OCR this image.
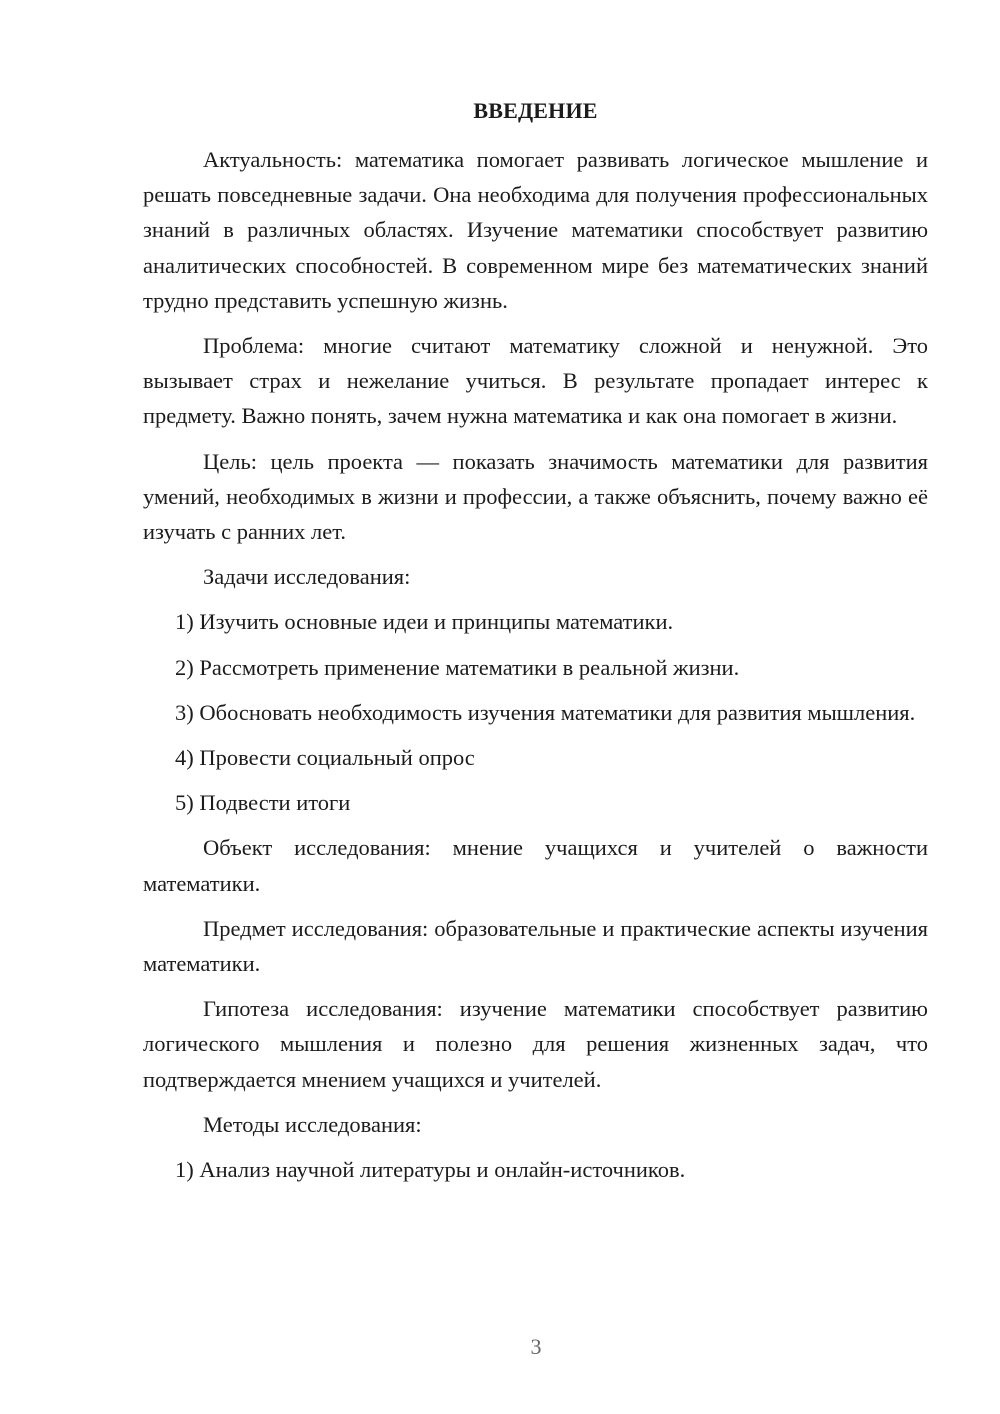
ВВЕДЕНИЕ

Актуальность: математика помогает развивать логическое мышление и решать повседневные задачи. Она необходима для получения профессиональных знаний в различных областях. Изучение математики способствует развитию аналитических способностей. В современном мире без математических знаний трудно представить успешную жизнь.

Проблема: многие считают математику сложной и ненужной. Это вызывает страх и нежелание учиться. В результате пропадает интерес к предмету. Важно понять, зачем нужна математика и как она помогает в жизни.

Цель: цель проекта — показать значимость математики для развития умений, необходимых в жизни и профессии, а также объяснить, почему важно её изучать с ранних лет.

Задачи исследования:

1) Изучить основные идеи и принципы математики.

2) Рассмотреть применение математики в реальной жизни.

3) Обосновать необходимость изучения математики для развития мышления.

4) Провести социальный опрос

5) Подвести итоги

Объект исследования: мнение учащихся и учителей о важности математики.

Предмет исследования: образовательные и практические аспекты изучения математики.

Гипотеза исследования: изучение математики способствует развитию логического мышления и полезно для решения жизненных задач, что подтверждается мнением учащихся и учителей.

Методы исследования:

1) Анализ научной литературы и онлайн-источников.

3
